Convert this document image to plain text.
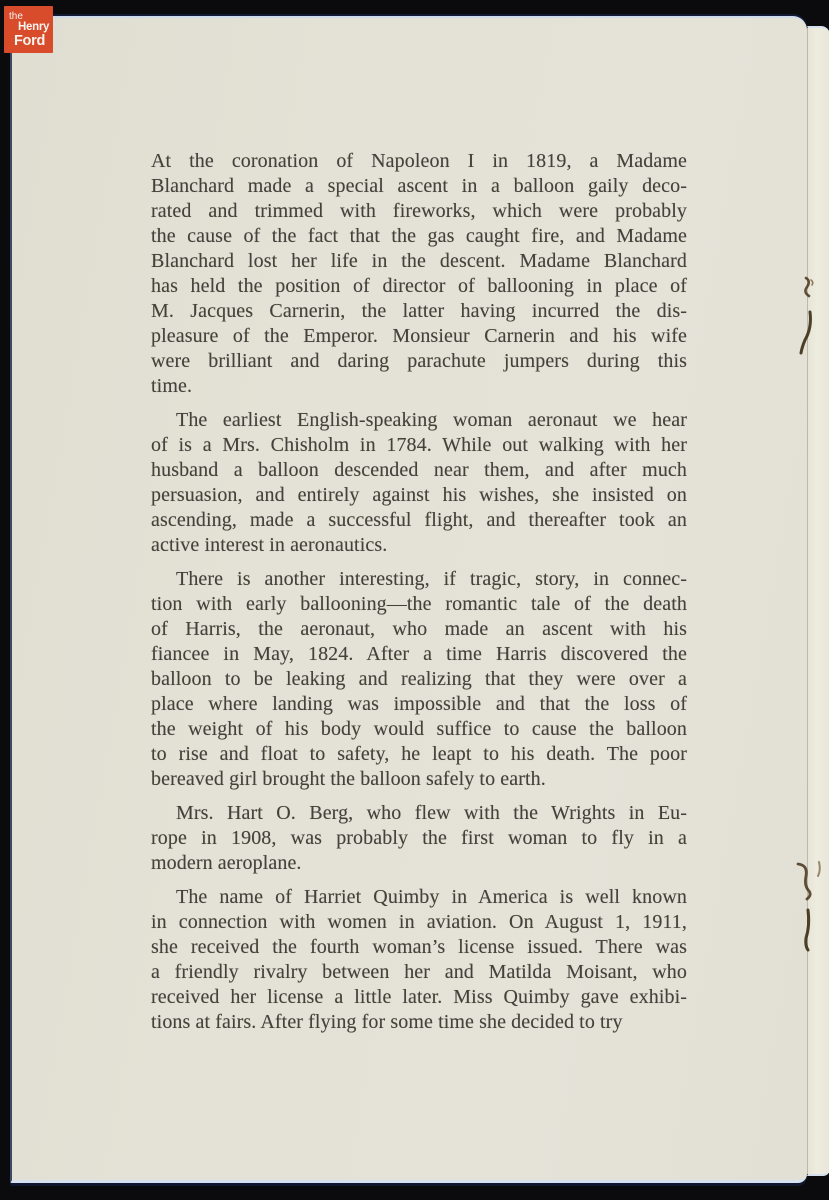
the
Henry
Ford
At the coronation of Napoleon I in 1819, a Madame
Blanchard made a special ascent in a balloon gaily deco-
rated and trimmed with fireworks, which were probably
the cause of the fact that the gas caught fire, and Madame
Blanchard lost her life in the descent. Madame Blanchard
has held the position of director of ballooning in place of
M. Jacques Carnerin, the latter having incurred the dis-
pleasure of the Emperor. Monsieur Carnerin and his wife
were brilliant and daring parachute jumpers during this
time.
The earliest English-speaking woman aeronaut we hear
of is a Mrs. Chisholm in 1784. While out walking with her
husband a balloon descended near them, and after much
persuasion, and entirely against his wishes, she insisted on
ascending, made a successful flight, and thereafter took an
active interest in aeronautics.
There is another interesting, if tragic, story, in connec-
tion with early ballooning—the romantic tale of the death
of Harris, the aeronaut, who made an ascent with his
fiancee in May, 1824. After a time Harris discovered the
balloon to be leaking and realizing that they were over a
place where landing was impossible and that the loss of
the weight of his body would suffice to cause the balloon
to rise and float to safety, he leapt to his death. The poor
bereaved girl brought the balloon safely to earth.
Mrs. Hart O. Berg, who flew with the Wrights in Eu-
rope in 1908, was probably the first woman to fly in a
modern aeroplane.
The name of Harriet Quimby in America is well known
in connection with women in aviation. On August 1, 1911,
she received the fourth woman’s license issued. There was
a friendly rivalry between her and Matilda Moisant, who
received her license a little later. Miss Quimby gave exhibi-
tions at fairs. After flying for some time she decided to try
